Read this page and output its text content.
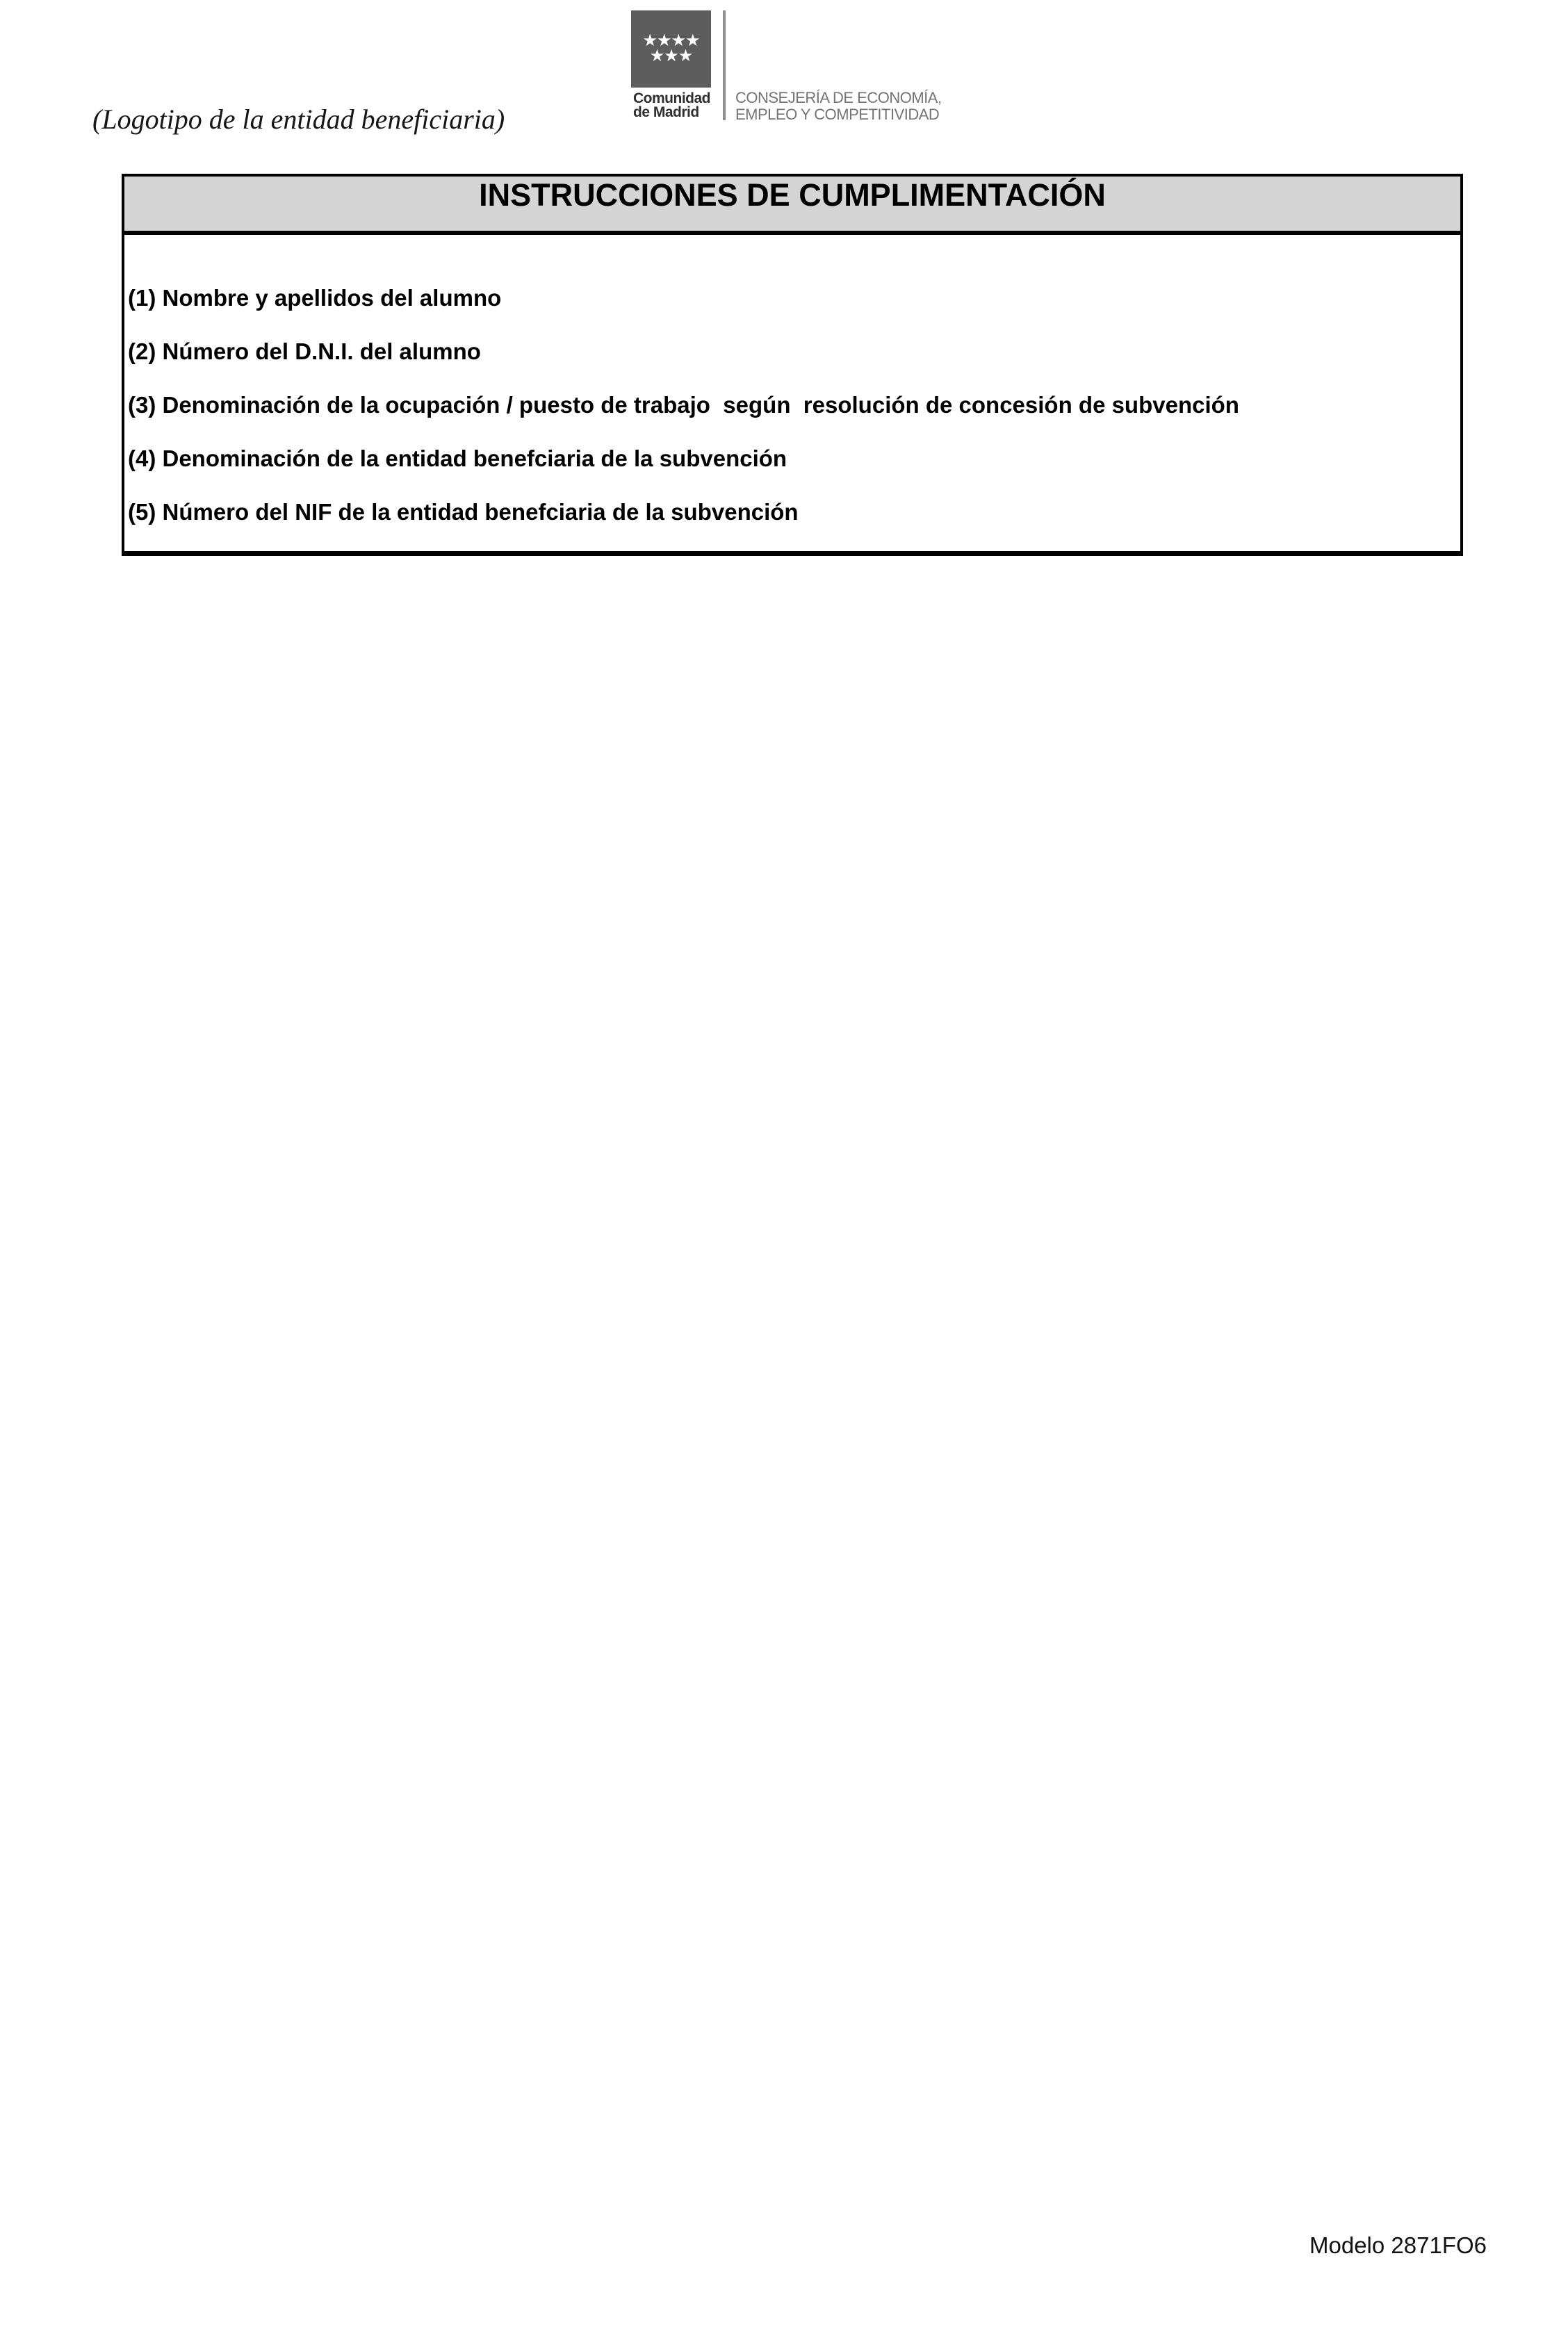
(Logotipo de la entidad beneficiaria)
★★★★
★★★
Comunidad
de Madrid
CONSEJERÍA DE ECONOMÍA,
EMPLEO Y COMPETITIVIDAD
INSTRUCCIONES DE CUMPLIMENTACIÓN
(1) Nombre y apellidos del alumno
(2) Número del D.N.I. del alumno
(3) Denominación de la ocupación / puesto de trabajo  según  resolución de concesión de subvención
(4) Denominación de la entidad benefciaria de la subvención
(5) Número del NIF de la entidad benefciaria de la subvención
Modelo 2871FO6
